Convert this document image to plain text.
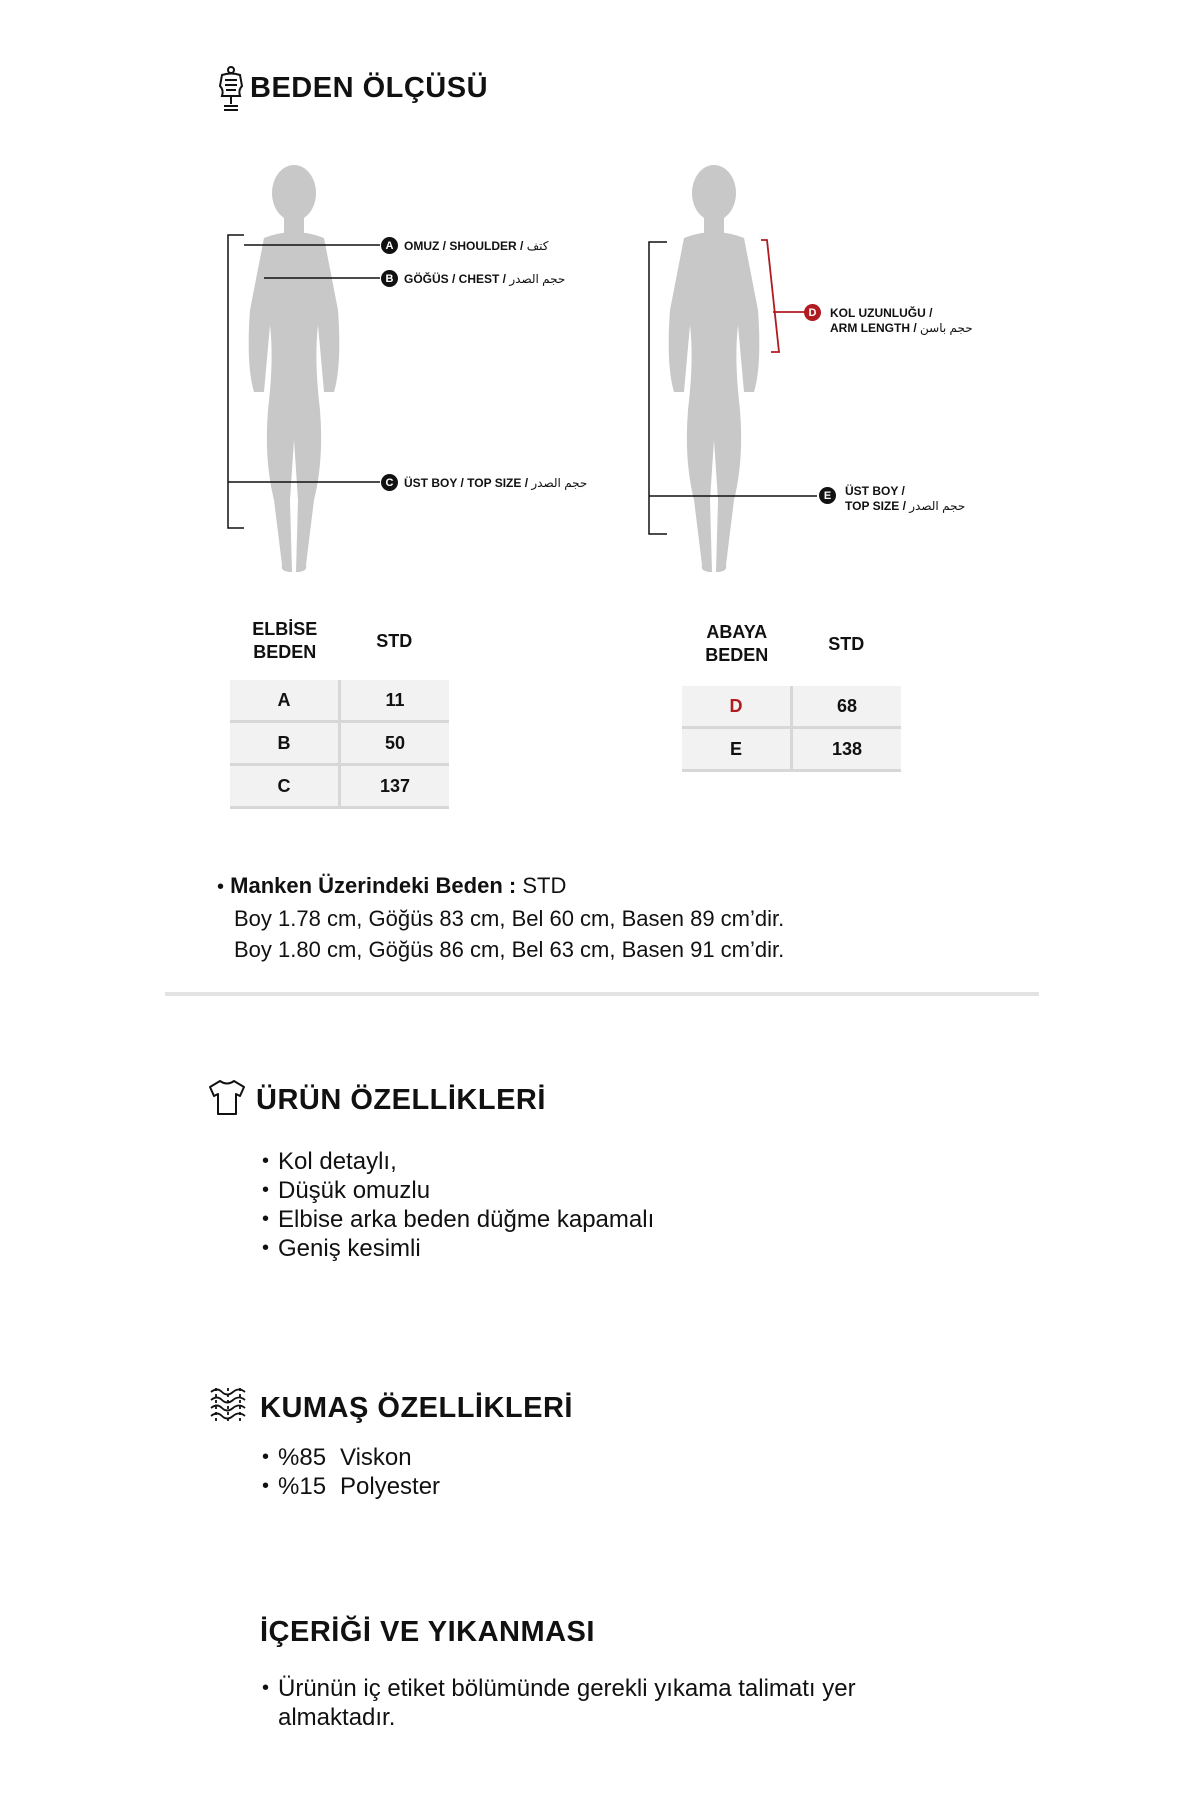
BEDEN ÖLÇÜSÜ
A OMUZ / SHOULDER / كتف
B GÖĞÜS / CHEST / حجم الصدر
C ÜST BOY / TOP SIZE / حجم الصدر
D	KOL UZUNLUĞU /
ARM LENGTH / حجم باسن
E	ÜST BOY /
TOP SIZE / حجم الصدر
ELBİSE
BEDEN	STD
A	11
B	50
C	137
ABAYA
BEDEN	STD
D	68
E	138
• Manken Üzerindeki Beden : STD
Boy 1.78 cm, Göğüs 83 cm, Bel 60 cm, Basen 89 cm’dir.
Boy 1.80 cm, Göğüs 86 cm, Bel 63 cm, Basen 91 cm’dir.
ÜRÜN ÖZELLİKLERİ
• Kol detaylı,
• Düşük omuzlu
• Elbise arka beden düğme kapamalı
• Geniş kesimli
KUMAŞ ÖZELLİKLERİ
• %85 Viskon
• %15 Polyester
İÇERİĞİ VE YIKANMASI
• Ürünün iç etiket bölümünde gerekli yıkama talimatı yer almaktadır.
